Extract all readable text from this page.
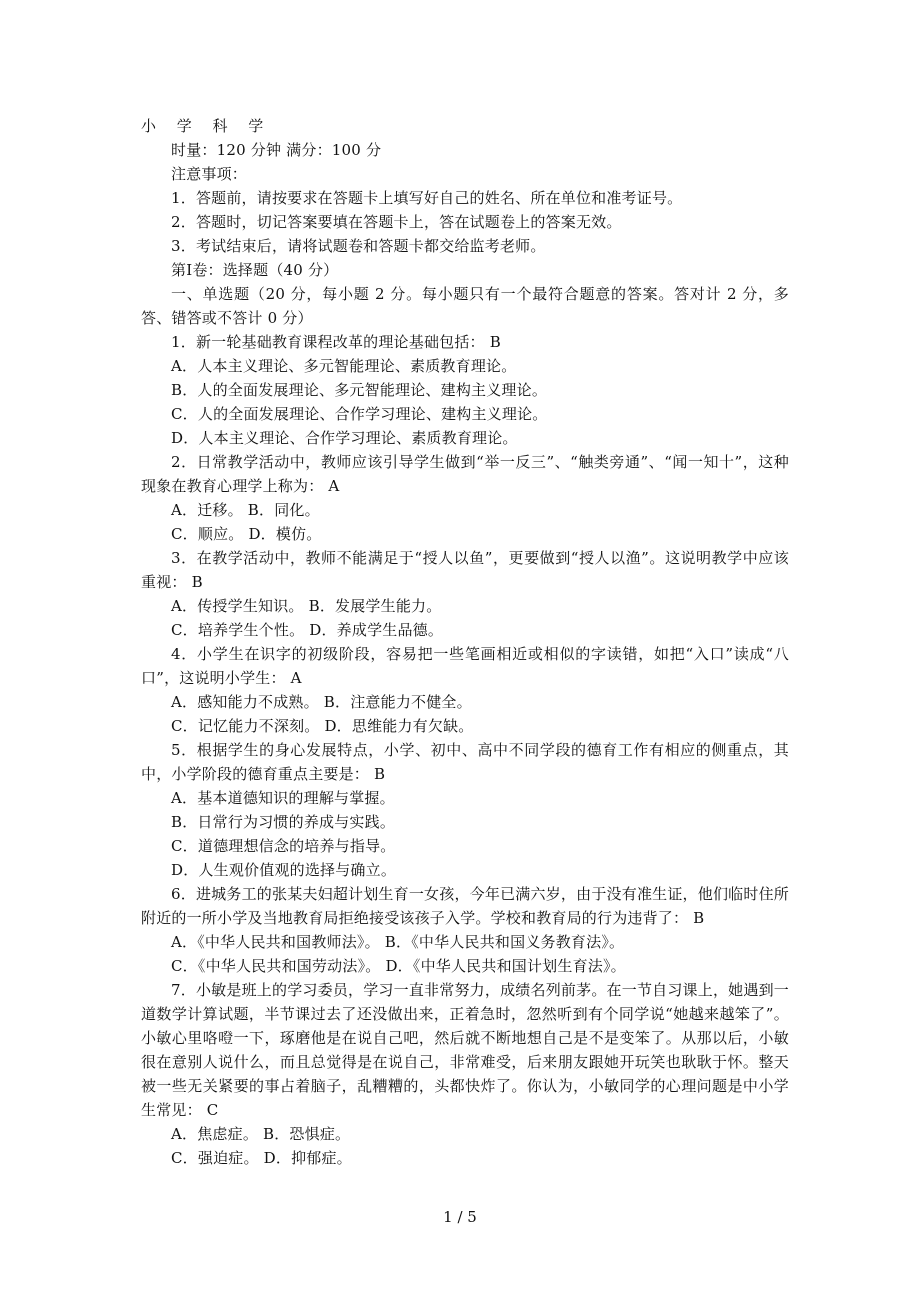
小 学 科 学
时量：120 分钟 满分：100 分
注意事项：
1．答题前，请按要求在答题卡上填写好自己的姓名、所在单位和准考证号。
2．答题时，切记答案要填在答题卡上，答在试题卷上的答案无效。
3．考试结束后，请将试题卷和答题卡都交给监考老师。
第Ⅰ卷：选择题（40 分）
一、单选题（20 分，每小题 2 分。每小题只有一个最符合题意的答案。答对计 2 分，多答、错答或不答计 0 分）
1．新一轮基础教育课程改革的理论基础包括： B
A．人本主义理论、多元智能理论、素质教育理论。
B．人的全面发展理论、多元智能理论、建构主义理论。
C．人的全面发展理论、合作学习理论、建构主义理论。
D．人本主义理论、合作学习理论、素质教育理论。
2．日常教学活动中，教师应该引导学生做到“举一反三”、“触类旁通”、“闻一知十”，这种现象在教育心理学上称为： A
A．迁移。 B．同化。
C．顺应。 D．模仿。
3．在教学活动中，教师不能满足于“授人以鱼”，更要做到“授人以渔”。这说明教学中应该重视： B
A．传授学生知识。 B．发展学生能力。
C．培养学生个性。 D．养成学生品德。
4．小学生在识字的初级阶段，容易把一些笔画相近或相似的字读错，如把“入口”读成“八口”，这说明小学生： A
A．感知能力不成熟。 B．注意能力不健全。
C．记忆能力不深刻。 D．思维能力有欠缺。
5．根据学生的身心发展特点，小学、初中、高中不同学段的德育工作有相应的侧重点，其中，小学阶段的德育重点主要是： B
A．基本道德知识的理解与掌握。
B．日常行为习惯的养成与实践。
C．道德理想信念的培养与指导。
D．人生观价值观的选择与确立。
6．进城务工的张某夫妇超计划生育一女孩，今年已满六岁，由于没有准生证，他们临时住所附近的一所小学及当地教育局拒绝接受该孩子入学。学校和教育局的行为违背了： B
A．《中华人民共和国教师法》。 B．《中华人民共和国义务教育法》。
C．《中华人民共和国劳动法》。 D．《中华人民共和国计划生育法》。
7．小敏是班上的学习委员，学习一直非常努力，成绩名列前茅。在一节自习课上，她遇到一道数学计算试题，半节课过去了还没做出来，正着急时，忽然听到有个同学说“她越来越笨了”。小敏心里咯噔一下，琢磨他是在说自己吧，然后就不断地想自己是不是变笨了。从那以后，小敏很在意别人说什么，而且总觉得是在说自己，非常难受，后来朋友跟她开玩笑也耿耿于怀。整天被一些无关紧要的事占着脑子，乱糟糟的，头都快炸了。你认为，小敏同学的心理问题是中小学生常见： C
A．焦虑症。 B．恐惧症。
C．强迫症。 D．抑郁症。
1 / 5
